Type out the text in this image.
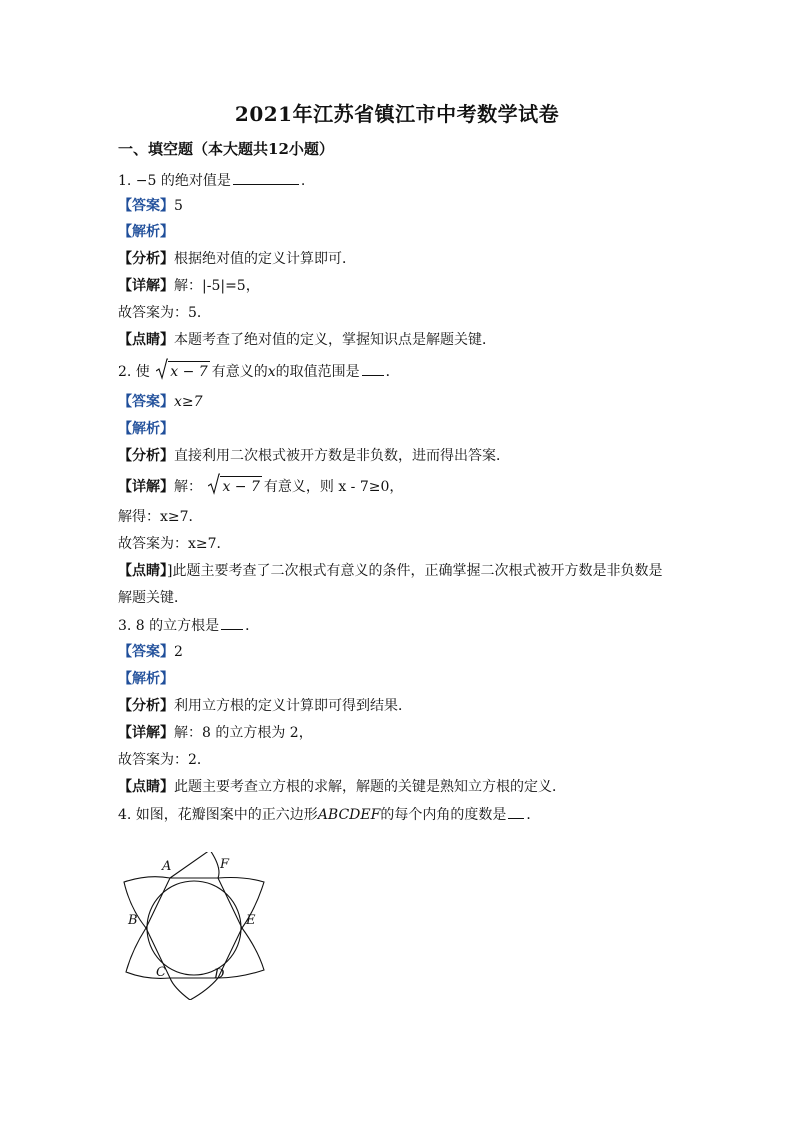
2021年江苏省镇江市中考数学试卷
一、填空题（本大题共12小题）
1. −5 的绝对值是	.
【答案】5
【解析】
【分析】根据绝对值的定义计算即可．
【详解】解：|-5|=5，
故答案为：5．
【点睛】本题考查了绝对值的定义，掌握知识点是解题关键．
2. 使 x − 7 有意义的x的取值范围是 ．
【答案】x≥7
【解析】
【分析】直接利用二次根式被开方数是非负数，进而得出答案．
【详解】解： x − 7 有意义，则 x - 7≥0，
解得：x≥7．
故答案为：x≥7．
【点睛】]此题主要考查了二次根式有意义的条件，正确掌握二次根式被开方数是非负数是
解题关键．
3. 8 的立方根是 ．
【答案】2
【解析】
【分析】利用立方根的定义计算即可得到结果．
【详解】解：8 的立方根为 2，
故答案为：2．
【点睛】此题主要考查立方根的求解，解题的关键是熟知立方根的定义．
4. 如图，花瓣图案中的正六边形ABCDEF的每个内角的度数是 ．
A	F
B	E
C	D
